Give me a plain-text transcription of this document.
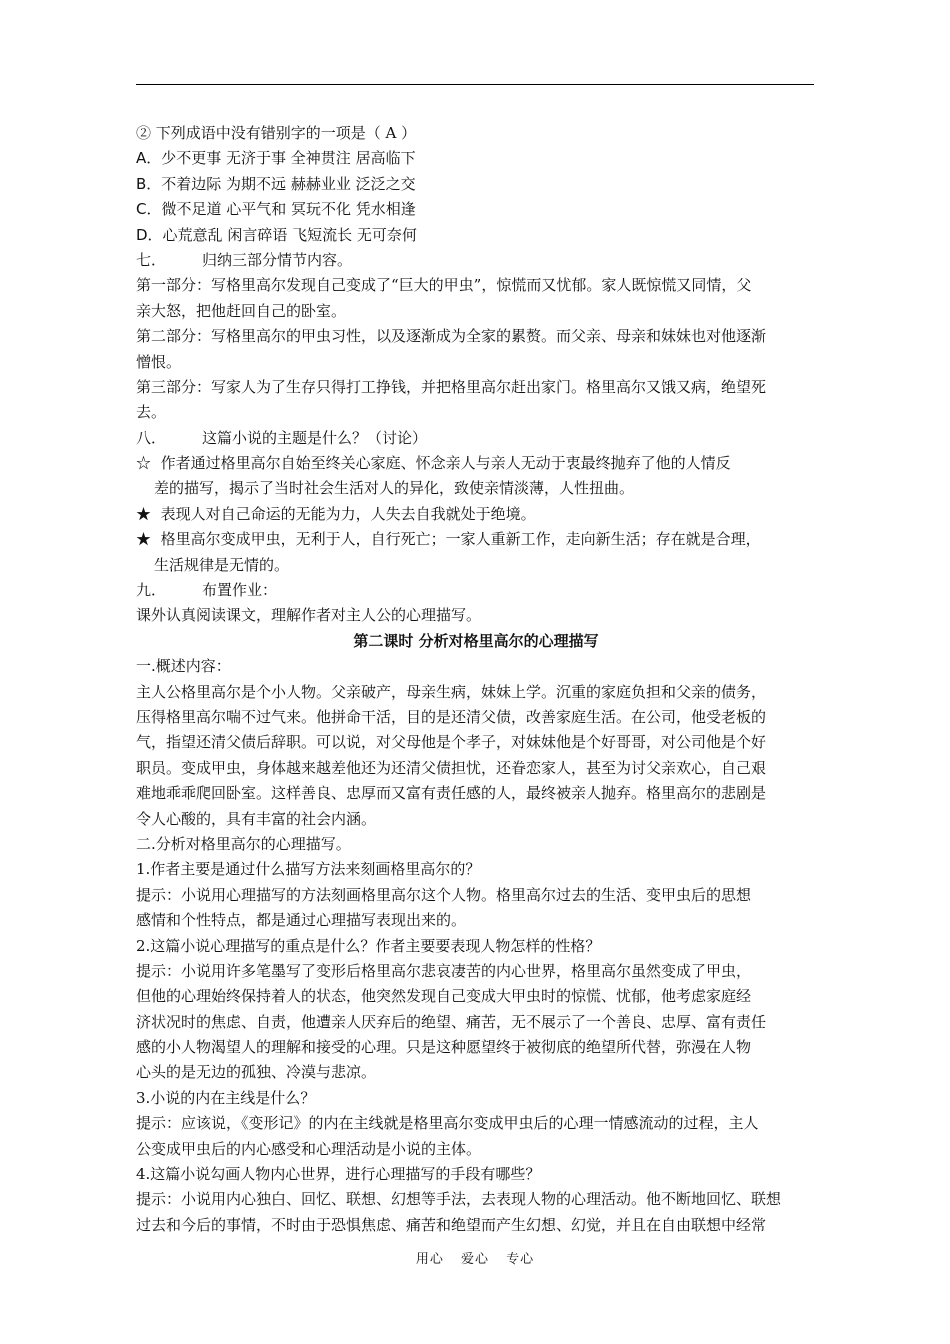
② 下列成语中没有错别字的一项是（ A ）
A．少不更事 无济于事 全神贯注 居高临下
B．不着边际 为期不远 赫赫业业 泛泛之交
C．微不足道 心平气和 冥玩不化 凭水相逢
D．心荒意乱 闲言碎语 飞短流长 无可奈何
七． 归纳三部分情节内容。
第一部分：写格里高尔发现自己变成了“巨大的甲虫”，惊慌而又忧郁。家人既惊慌又同情，父
亲大怒，把他赶回自己的卧室。
第二部分：写格里高尔的甲虫习性，以及逐渐成为全家的累赘。而父亲、母亲和妹妹也对他逐渐
憎恨。
第三部分：写家人为了生存只得打工挣钱，并把格里高尔赶出家门。格里高尔又饿又病，绝望死
去。
八． 这篇小说的主题是什么？（讨论）
☆ 作者通过格里高尔自始至终关心家庭、怀念亲人与亲人无动于衷最终抛弃了他的人情反
差的描写，揭示了当时社会生活对人的异化，致使亲情淡薄，人性扭曲。
★ 表现人对自己命运的无能为力，人失去自我就处于绝境。
★ 格里高尔变成甲虫，无利于人，自行死亡；一家人重新工作，走向新生活；存在就是合理，
生活规律是无情的。
九． 布置作业：
课外认真阅读课文，理解作者对主人公的心理描写。
第二课时 分析对格里高尔的心理描写
一.概述内容：
主人公格里高尔是个小人物。父亲破产，母亲生病，妹妹上学。沉重的家庭负担和父亲的债务，
压得格里高尔喘不过气来。他拼命干活，目的是还清父债，改善家庭生活。在公司，他受老板的
气，指望还清父债后辞职。可以说，对父母他是个孝子，对妹妹他是个好哥哥，对公司他是个好
职员。变成甲虫，身体越来越差他还为还清父债担忧，还眷恋家人，甚至为讨父亲欢心，自己艰
难地乖乖爬回卧室。这样善良、忠厚而又富有责任感的人，最终被亲人抛弃。格里高尔的悲剧是
令人心酸的，具有丰富的社会内涵。
二.分析对格里高尔的心理描写。
1.作者主要是通过什么描写方法来刻画格里高尔的？
提示：小说用心理描写的方法刻画格里高尔这个人物。格里高尔过去的生活、变甲虫后的思想
感情和个性特点，都是通过心理描写表现出来的。
2.这篇小说心理描写的重点是什么？作者主要要表现人物怎样的性格？
提示：小说用许多笔墨写了变形后格里高尔悲哀凄苦的内心世界，格里高尔虽然变成了甲虫，
但他的心理始终保持着人的状态，他突然发现自己变成大甲虫时的惊慌、忧郁，他考虑家庭经
济状况时的焦虑、自责，他遭亲人厌弃后的绝望、痛苦，无不展示了一个善良、忠厚、富有责任
感的小人物渴望人的理解和接受的心理。只是这种愿望终于被彻底的绝望所代替，弥漫在人物
心头的是无边的孤独、冷漠与悲凉。
3.小说的内在主线是什么？
提示：应该说，《变形记》的内在主线就是格里高尔变成甲虫后的心理一情感流动的过程，主人
公变成甲虫后的内心感受和心理活动是小说的主体。
4.这篇小说勾画人物内心世界，进行心理描写的手段有哪些？
提示：小说用内心独白、回忆、联想、幻想等手法，去表现人物的心理活动。他不断地回忆、联想
过去和今后的事情，不时由于恐惧焦虑、痛苦和绝望而产生幻想、幻觉，并且在自由联想中经常
用心 爱心 专心
